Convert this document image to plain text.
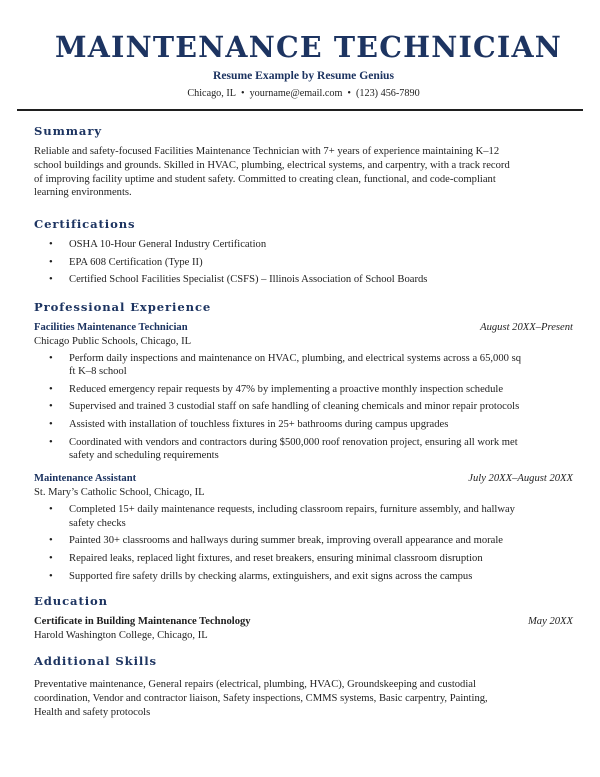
MAINTENANCE TECHNICIAN
Resume Example by Resume Genius
Chicago, IL • yourname@email.com • (123) 456-7890
Summary

Reliable and safety-focused Facilities Maintenance Technician with 7+ years of experience maintaining K–12 school buildings and grounds. Skilled in HVAC, plumbing, electrical systems, and carpentry, with a track record of improving facility uptime and student safety. Committed to creating clean, functional, and code-compliant learning environments.

Certifications
• OSHA 10-Hour General Industry Certification
• EPA 608 Certification (Type II)
• Certified School Facilities Specialist (CSFS) – Illinois Association of School Boards
Professional Experience
Facilities Maintenance Technician	August 20XX–Present
Chicago Public Schools, Chicago, IL
• Perform daily inspections and maintenance on HVAC, plumbing, and electrical systems across a 65,000 sq ft K–8 school
• Reduced emergency repair requests by 47% by implementing a proactive monthly inspection schedule
• Supervised and trained 3 custodial staff on safe handling of cleaning chemicals and minor repair protocols
• Assisted with installation of touchless fixtures in 25+ bathrooms during campus upgrades
• Coordinated with vendors and contractors during $500,000 roof renovation project, ensuring all work met safety and scheduling requirements
Maintenance Assistant	July 20XX–August 20XX
St. Mary’s Catholic School, Chicago, IL
• Completed 15+ daily maintenance requests, including classroom repairs, furniture assembly, and hallway safety checks
• Painted 30+ classrooms and hallways during summer break, improving overall appearance and morale
• Repaired leaks, replaced light fixtures, and reset breakers, ensuring minimal classroom disruption
• Supported fire safety drills by checking alarms, extinguishers, and exit signs across the campus
Education
Certificate in Building Maintenance Technology	May 20XX
Harold Washington College, Chicago, IL
Additional Skills

Preventative maintenance, General repairs (electrical, plumbing, HVAC), Groundskeeping and custodial coordination, Vendor and contractor liaison, Safety inspections, CMMS systems, Basic carpentry, Painting, Health and safety protocols
